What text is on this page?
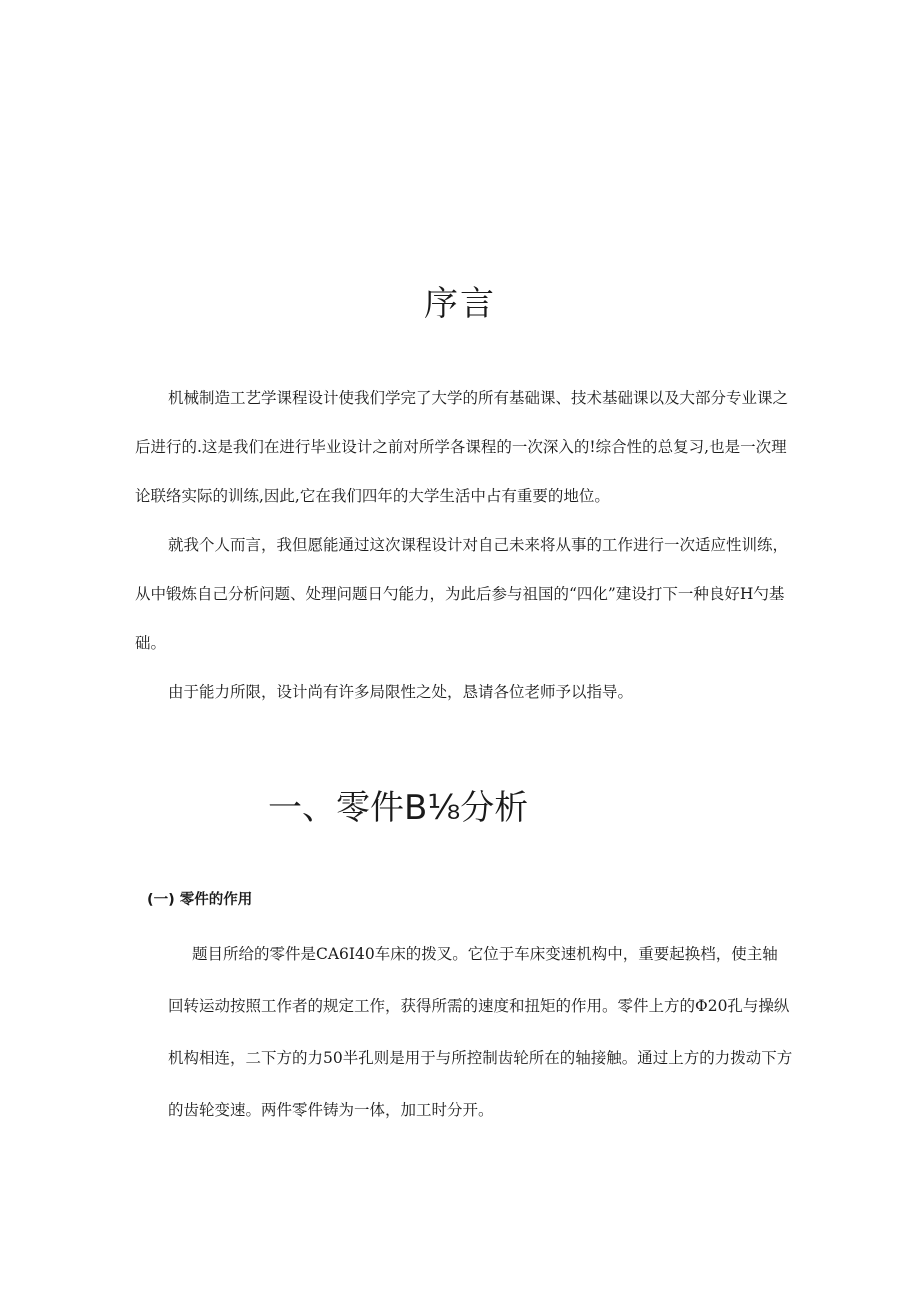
序言

机械制造工艺学课程设计使我们学完了大学的所有基础课、技术基础课以及大部分专业课之后进行的.这是我们在进行毕业设计之前对所学各课程的一次深入的!综合性的总复习,也是一次理论联络实际的训练,因此,它在我们四年的大学生活中占有重要的地位。

就我个人而言，我但愿能通过这次课程设计对自己未来将从事的工作进行一次适应性训练，从中锻炼自己分析问题、处理问题日勺能力，为此后参与祖国的“四化”建设打下一种良好H勺基础。

由于能力所限，设计尚有许多局限性之处，恳请各位老师予以指导。

一、零件B⅛分析
(一) 零件的作用

题目所给的零件是CA6I40车床的拨叉。它位于车床变速机构中，重要起换档，使主轴回转运动按照工作者的规定工作，获得所需的速度和扭矩的作用。零件上方的Φ20孔与操纵机构相连，二下方的力50半孔则是用于与所控制齿轮所在的轴接触。通过上方的力拨动下方的齿轮变速。两件零件铸为一体，加工时分开。
